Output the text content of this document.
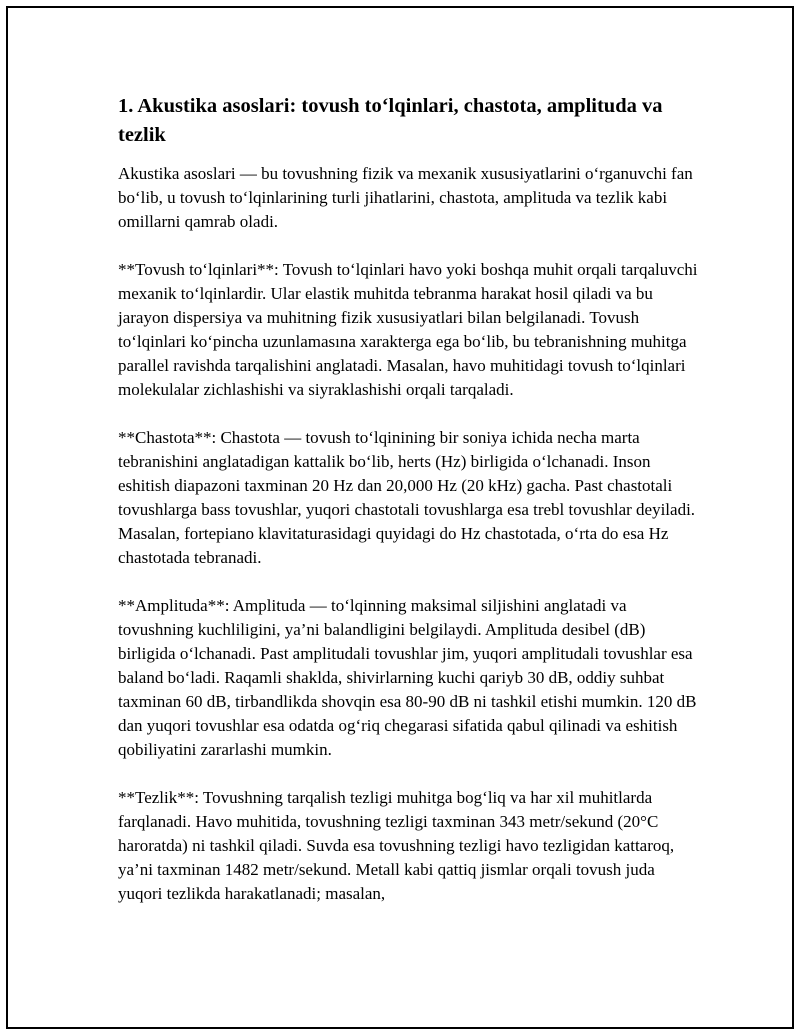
1. Akustika asoslari: tovush toʻlqinlari, chastota, amplituda va tezlik

Akustika asoslari — bu tovushning fizik va mexanik xususiyatlarini oʻrganuvchi fan boʻlib, u tovush toʻlqinlarining turli jihatlarini, chastota, amplituda va tezlik kabi omillarni qamrab oladi.

**Tovush toʻlqinlari**: Tovush toʻlqinlari havo yoki boshqa muhit orqali tarqaluvchi mexanik toʻlqinlardir. Ular elastik muhitda tebranma harakat hosil qiladi va bu jarayon dispersiya va muhitning fizik xususiyatlari bilan belgilanadi. Tovush toʻlqinlari koʻpincha uzunlamasına xarakterga ega boʻlib, bu tebranishning muhitga parallel ravishda tarqalishini anglatadi. Masalan, havo muhitidagi tovush toʻlqinlari molekulalar zichlashishi va siyraklashishi orqali tarqaladi.

**Chastota**: Chastota — tovush toʻlqinining bir soniya ichida necha marta tebranishini anglatadigan kattalik boʻlib, herts (Hz) birligida oʻlchanadi. Inson eshitish diapazoni taxminan 20 Hz dan 20,000 Hz (20 kHz) gacha. Past chastotali tovushlarga bass tovushlar, yuqori chastotali tovushlarga esa trebl tovushlar deyiladi. Masalan, fortepiano klavitaturasidagi quyidagi do Hz chastotada, oʻrta do esa Hz chastotada tebranadi.

**Amplituda**: Amplituda — toʻlqinning maksimal siljishini anglatadi va tovushning kuchliligini, ya’ni balandligini belgilaydi. Amplituda desibel (dB) birligida oʻlchanadi. Past amplitudali tovushlar jim, yuqori amplitudali tovushlar esa baland boʻladi. Raqamli shaklda, shivirlarning kuchi qariyb 30 dB, oddiy suhbat taxminan 60 dB, tirbandlikda shovqin esa 80-90 dB ni tashkil etishi mumkin. 120 dB dan yuqori tovushlar esa odatda ogʻriq chegarasi sifatida qabul qilinadi va eshitish qobiliyatini zararlashi mumkin.

**Tezlik**: Tovushning tarqalish tezligi muhitga bogʻliq va har xil muhitlarda farqlanadi. Havo muhitida, tovushning tezligi taxminan 343 metr/sekund (20°C haroratda) ni tashkil qiladi. Suvda esa tovushning tezligi havo tezligidan kattaroq, ya’ni taxminan 1482 metr/sekund. Metall kabi qattiq jismlar orqali tovush juda yuqori tezlikda harakatlanadi; masalan,
